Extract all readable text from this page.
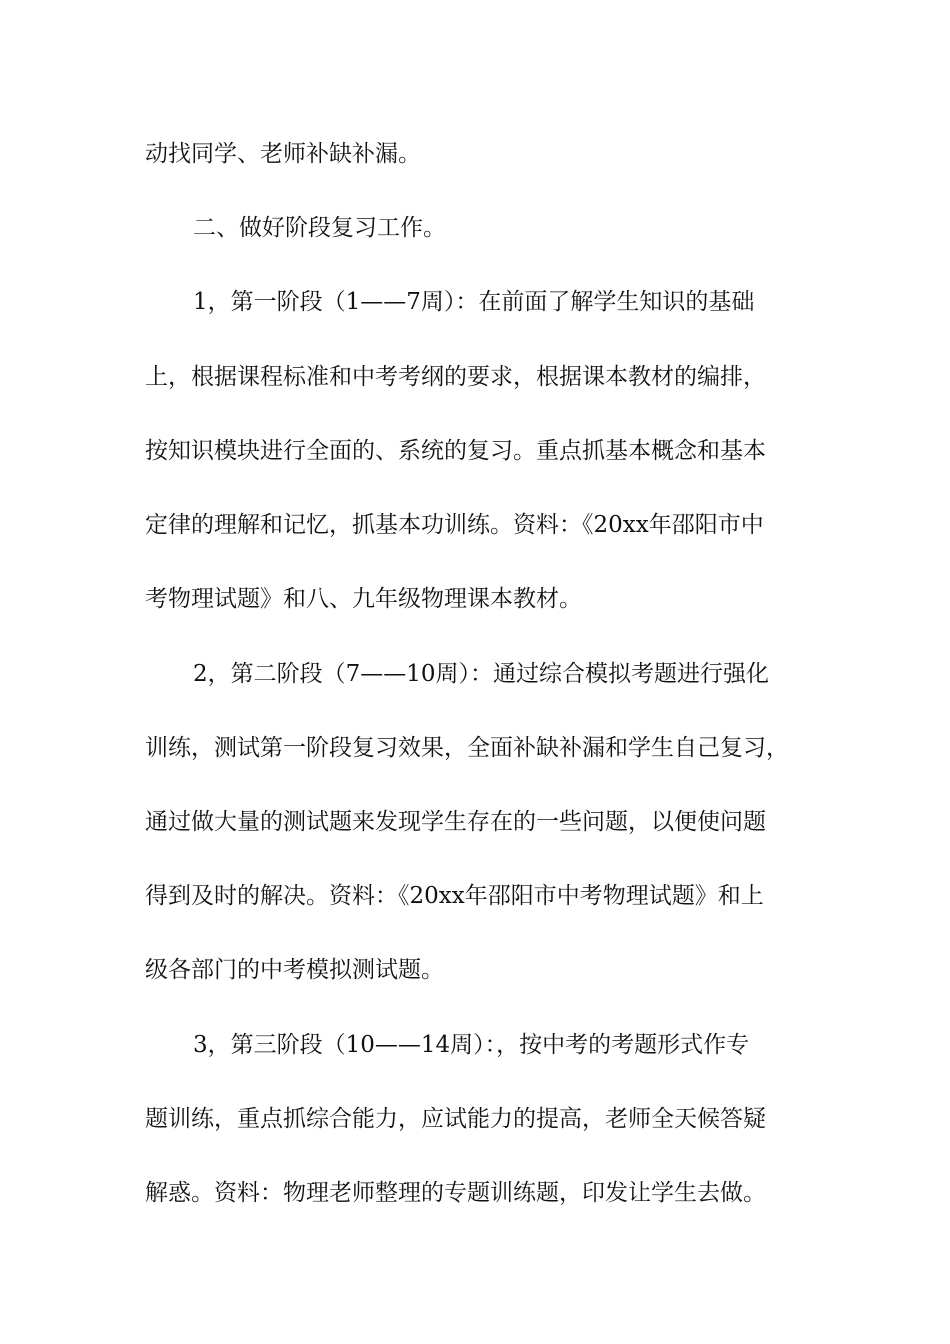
动找同学、老师补缺补漏。

二、做好阶段复习工作。

1，第一阶段（1——7周）：在前面了解学生知识的基础

上，根据课程标准和中考考纲的要求，根据课本教材的编排，

按知识模块进行全面的、系统的复习。重点抓基本概念和基本

定律的理解和记忆，抓基本功训练。资料：《20xx年邵阳市中

考物理试题》和八、九年级物理课本教材。

2，第二阶段（7——10周）：通过综合模拟考题进行强化

训练，测试第一阶段复习效果，全面补缺补漏和学生自己复习，

通过做大量的测试题来发现学生存在的一些问题，以便使问题

得到及时的解决。资料：《20xx年邵阳市中考物理试题》和上

级各部门的中考模拟测试题。

3，第三阶段（10——14周）：，按中考的考题形式作专

题训练，重点抓综合能力，应试能力的提高，老师全天候答疑

解惑。资料：物理老师整理的专题训练题，印发让学生去做。
